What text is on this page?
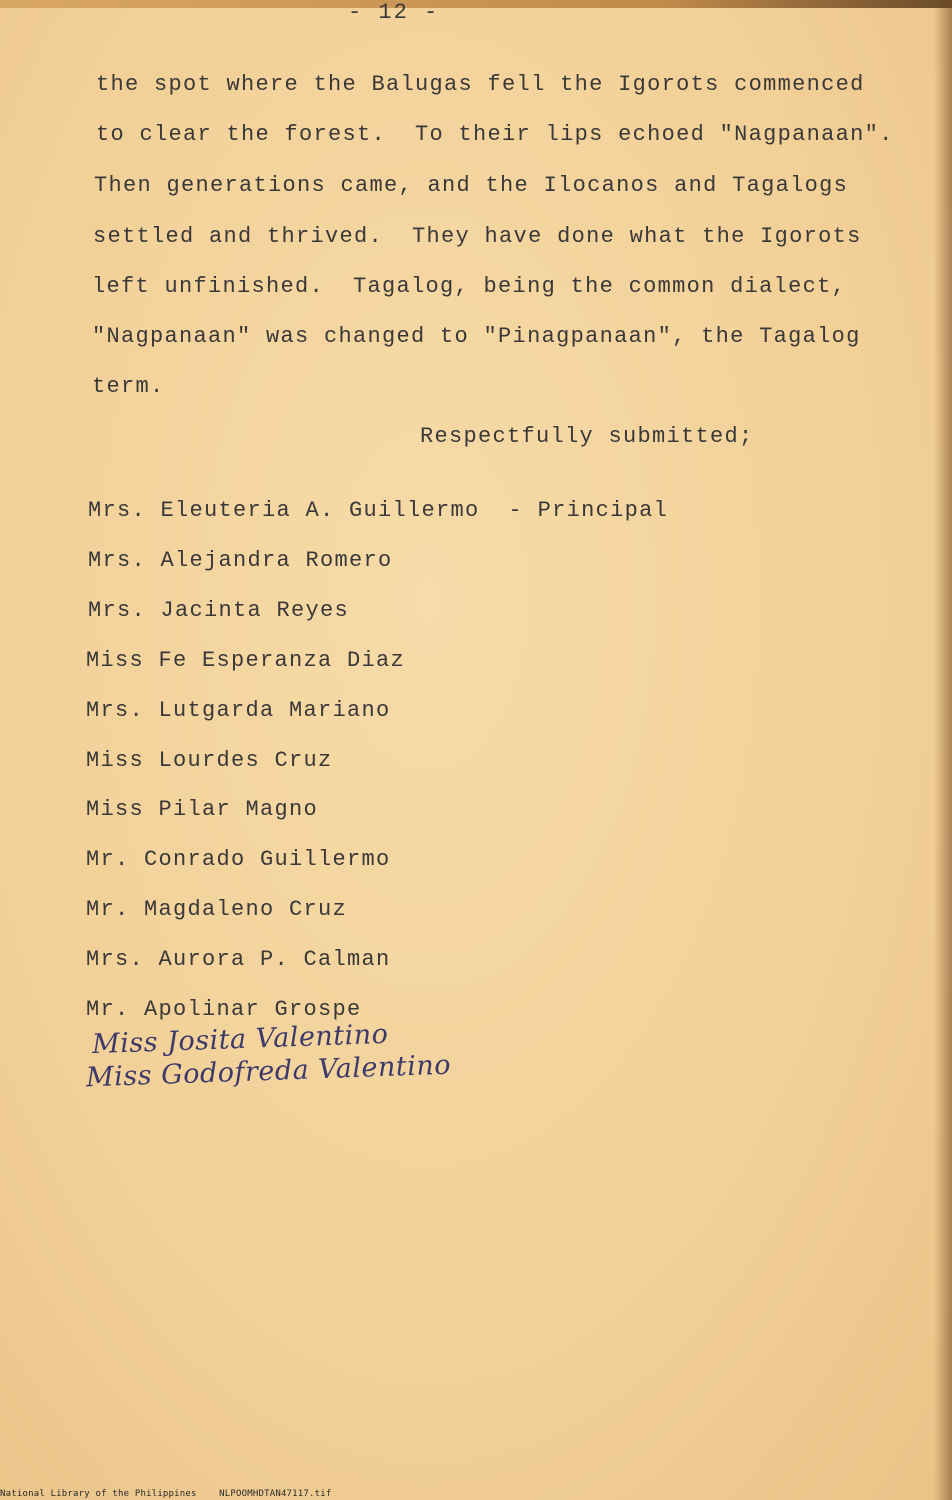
- 12 -
the spot where the Balugas fell the Igorots commenced
to clear the forest.  To their lips echoed "Nagpanaan".
Then generations came, and the Ilocanos and Tagalogs
settled and thrived.  They have done what the Igorots
left unfinished.  Tagalog, being the common dialect,
"Nagpanaan" was changed to "Pinagpanaan", the Tagalog
term.
Respectfully submitted;
Mrs. Eleuteria A. Guillermo  - Principal
Mrs. Alejandra Romero
Mrs. Jacinta Reyes
Miss Fe Esperanza Diaz
Mrs. Lutgarda Mariano
Miss Lourdes Cruz
Miss Pilar Magno
Mr. Conrado Guillermo
Mr. Magdaleno Cruz
Mrs. Aurora P. Calman
Mr. Apolinar Grospe
Miss Josita Valentino
Miss Godofreda Valentino
National Library of the Philippines NLPOOMHDTAN47117.tif
